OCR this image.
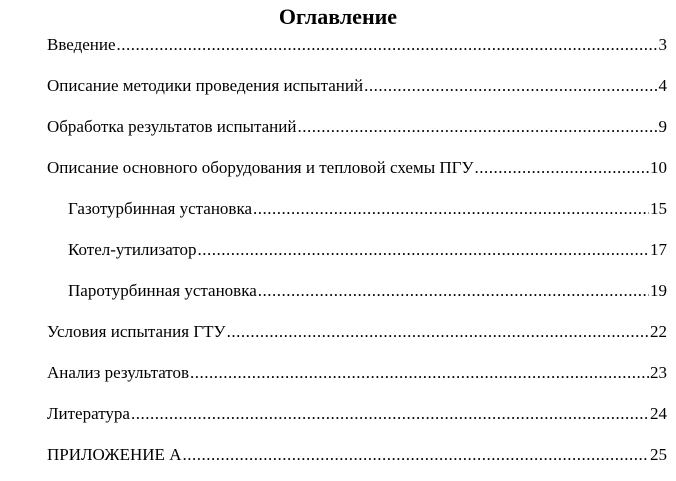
Оглавление
Введение .....	3
Описание методики проведения испытаний .....	4
Обработка результатов испытаний .....	9
Описание основного оборудования и тепловой схемы ПГУ .....	10
Газотурбинная установка .....	15
Котел-утилизатор .....	17
Паротурбинная установка .....	19
Условия испытания ГТУ .....	22
Анализ результатов .....	23
Литература .....	24
ПРИЛОЖЕНИЕ А .....	25
